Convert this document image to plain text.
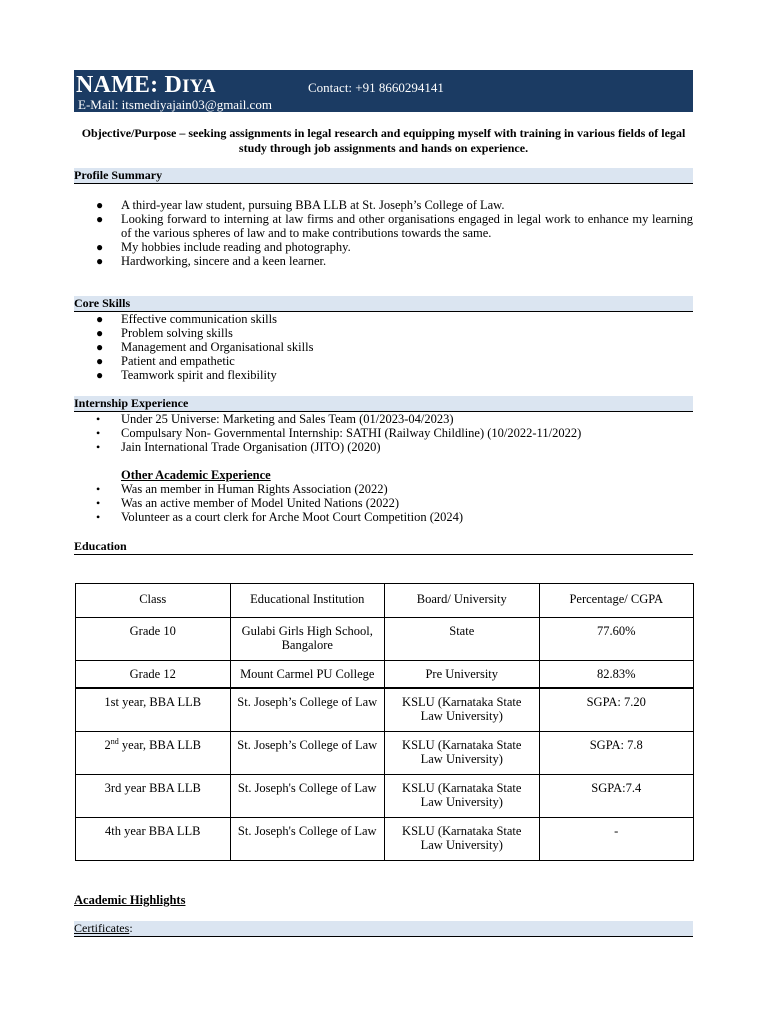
NAME: DIYA	Contact: +91 8660294141
E-Mail: itsmediyajain03@gmail.com
Objective/Purpose – seeking assignments in legal research and equipping myself with training in various fields of legal study through job assignments and hands on experience.
Profile Summary
● A third-year law student, pursuing BBA LLB at St. Joseph’s College of Law.
● Looking forward to interning at law firms and other organisations engaged in legal work to enhance my learning of the various spheres of law and to make contributions towards the same.
● My hobbies include reading and photography.
● Hardworking, sincere and a keen learner.
Core Skills
● Effective communication skills
● Problem solving skills
● Management and Organisational skills
● Patient and empathetic
● Teamwork spirit and flexibility
Internship Experience
• Under 25 Universe: Marketing and Sales Team (01/2023-04/2023)
• Compulsary Non- Governmental Internship: SATHI (Railway Childline) (10/2022-11/2022)
• Jain International Trade Organisation (JITO) (2020)
Other Academic Experience
• Was an member in Human Rights Association (2022)
• Was an active member of Model United Nations (2022)
• Volunteer as a court clerk for Arche Moot Court Competition (2024)
Education
Class	Educational Institution	Board/ University	Percentage/ CGPA
Grade 10	Gulabi Girls High School, Bangalore	State	77.60%
Grade 12	Mount Carmel PU College	Pre University	82.83%
1st year, BBA LLB	St. Joseph’s College of Law	KSLU (Karnataka State Law University)	SGPA: 7.20
2nd year, BBA LLB	St. Joseph’s College of Law	KSLU (Karnataka State Law University)	SGPA: 7.8
3rd year BBA LLB	St. Joseph's College of Law	KSLU (Karnataka State Law University)	SGPA:7.4
4th year BBA LLB	St. Joseph's College of Law	KSLU (Karnataka State Law University)	-
Academic Highlights
Certificates:
